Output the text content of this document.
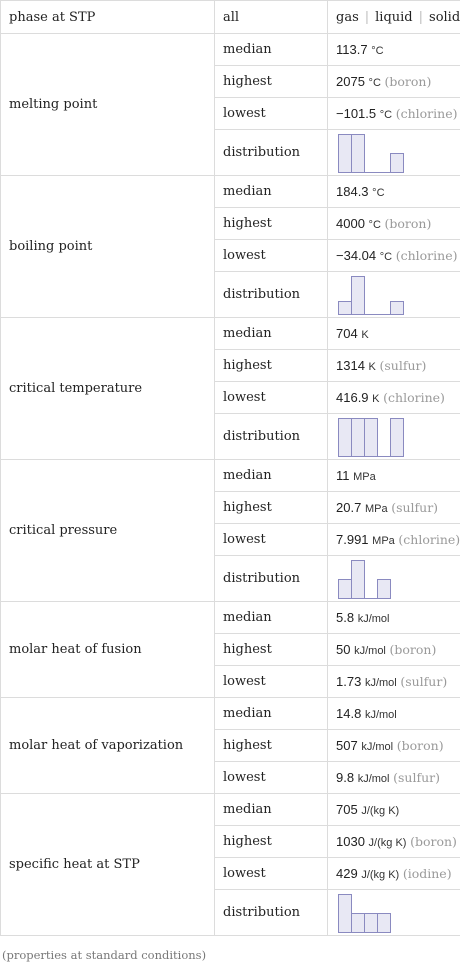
phase at STP	all	gas | liquid | solid
melting point	median	113.7 °C
	highest	2075 °C (boron)
	lowest	−101.5 °C (chlorine)
	distribution	

boiling point	median	184.3 °C
	highest	4000 °C (boron)
	lowest	−34.04 °C (chlorine)
	distribution	

critical temperature	median	704 K
	highest	1314 K (sulfur)
	lowest	416.9 K (chlorine)
	distribution	

critical pressure	median	11 MPa
	highest	20.7 MPa (sulfur)
	lowest	7.991 MPa (chlorine)
	distribution	

molar heat of fusion	median	5.8 kJ/mol
	highest	50 kJ/mol (boron)
	lowest	1.73 kJ/mol (sulfur)
molar heat of vaporization	median	14.8 kJ/mol
	highest	507 kJ/mol (boron)
	lowest	9.8 kJ/mol (sulfur)
specific heat at STP	median	705 J/(kg K)
	highest	1030 J/(kg K) (boron)
	lowest	429 J/(kg K) (iodine)
	distribution	
(properties at standard conditions)
